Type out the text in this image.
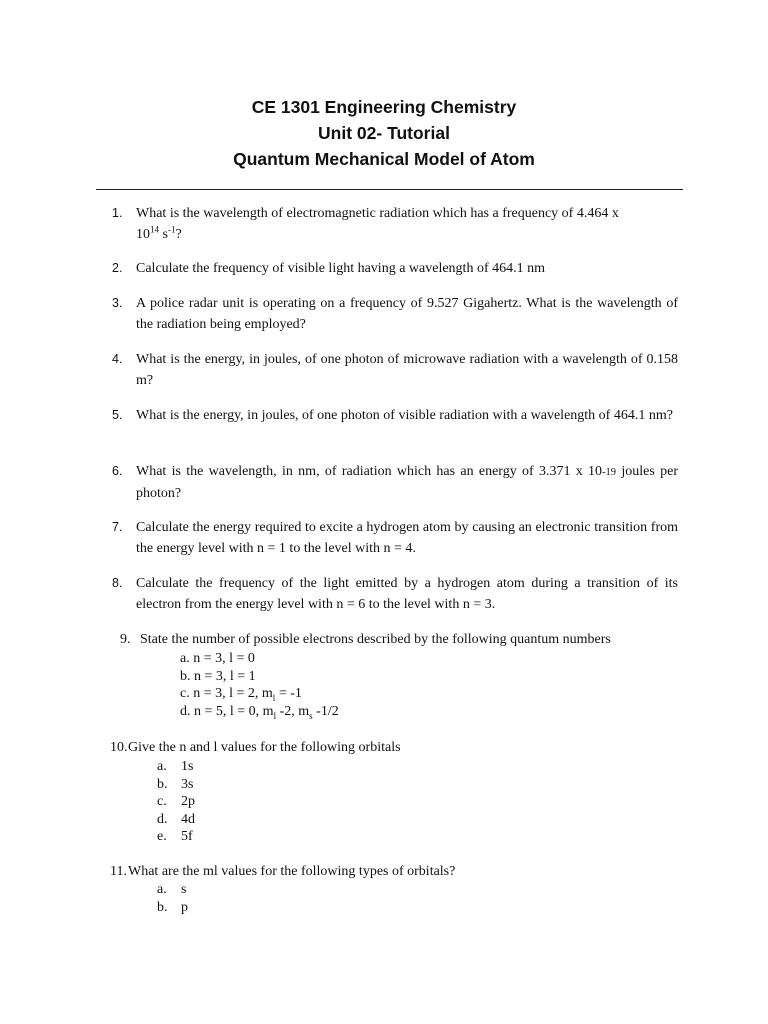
CE 1301 Engineering Chemistry
Unit 02- Tutorial
Quantum Mechanical Model of Atom
1. What is the wavelength of electromagnetic radiation which has a frequency of 4.464 x
$10^{14}$ $s^{-1}$?
2. Calculate the frequency of visible light having a wavelength of 464.1 nm
3. A police radar unit is operating on a frequency of 9.527 Gigahertz. What is the wavelength of the radiation being employed?
4. What is the energy, in joules, of one photon of microwave radiation with a wavelength of 0.158 m?
5. What is the energy, in joules, of one photon of visible radiation with a wavelength of 464.1 nm?
6. What is the wavelength, in nm, of radiation which has an energy of 3.371 x 10-19 joules per photon?
7. Calculate the energy required to excite a hydrogen atom by causing an electronic transition from the energy level with n = 1 to the level with n = 4.
8. Calculate the frequency of the light emitted by a hydrogen atom during a transition of its electron from the energy level with n = 6 to the level with n = 3.
9. State the number of possible electrons described by the following quantum numbers
a. n = 3, l = 0
b. n = 3, l = 1
c. n = 3, l = 2, $m_l = -1$
d. n = 5, l = 0, $m_l$ -2, $m_s$ -1/2
10. Give the n and l values for the following orbitals
a. 1s
b. 3s
c. 2p
d. 4d
e. 5f
11. What are the ml values for the following types of orbitals?
a. s
b. p
